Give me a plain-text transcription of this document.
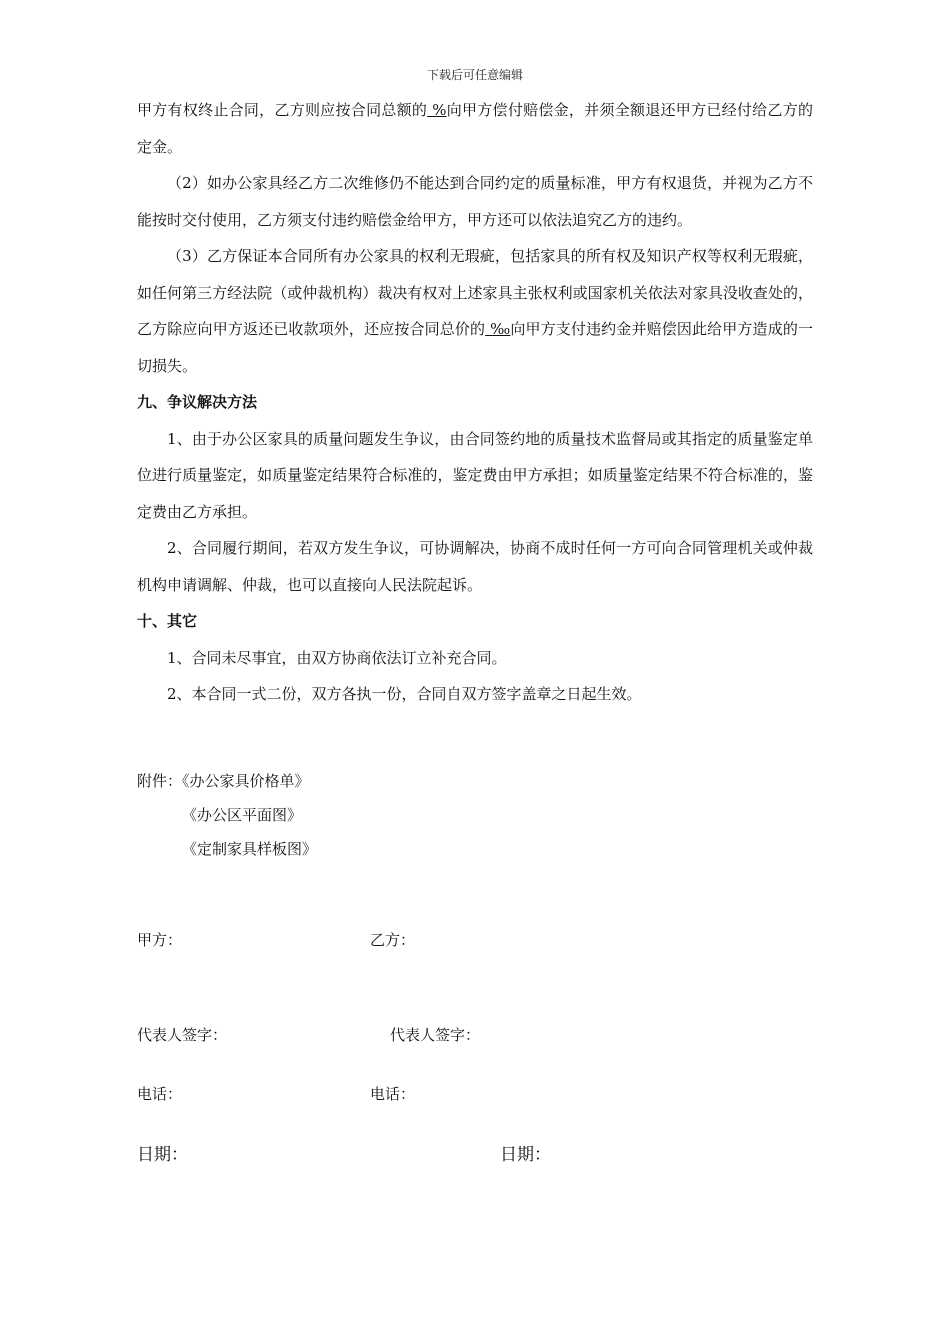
下载后可任意编辑

甲方有权终止合同，乙方则应按合同总额的 %向甲方偿付赔偿金，并须全额退还甲方已经付给乙方的定金。

（2）如办公家具经乙方二次维修仍不能达到合同约定的质量标准，甲方有权退货，并视为乙方不能按时交付使用，乙方须支付违约赔偿金给甲方，甲方还可以依法追究乙方的违约。

（3）乙方保证本合同所有办公家具的权利无瑕疵，包括家具的所有权及知识产权等权利无瑕疵，如任何第三方经法院（或仲裁机构）裁决有权对上述家具主张权利或国家机关依法对家具没收查处的，乙方除应向甲方返还已收款项外，还应按合同总价的 ‰向甲方支付违约金并赔偿因此给甲方造成的一切损失。

九、争议解决方法

1、由于办公区家具的质量问题发生争议，由合同签约地的质量技术监督局或其指定的质量鉴定单位进行质量鉴定，如质量鉴定结果符合标准的，鉴定费由甲方承担；如质量鉴定结果不符合标准的，鉴定费由乙方承担。

2、合同履行期间，若双方发生争议，可协调解决，协商不成时任何一方可向合同管理机关或仲裁机构申请调解、仲裁，也可以直接向人民法院起诉。

十、其它

1、合同未尽事宜，由双方协商依法订立补充合同。

2、本合同一式二份，双方各执一份，合同自双方签字盖章之日起生效。

附件：《办公家具价格单》
《办公区平面图》
《定制家具样板图》
甲方：	乙方：
代表人签字：	代表人签字：
电话：	电话：
日期：	日期：
